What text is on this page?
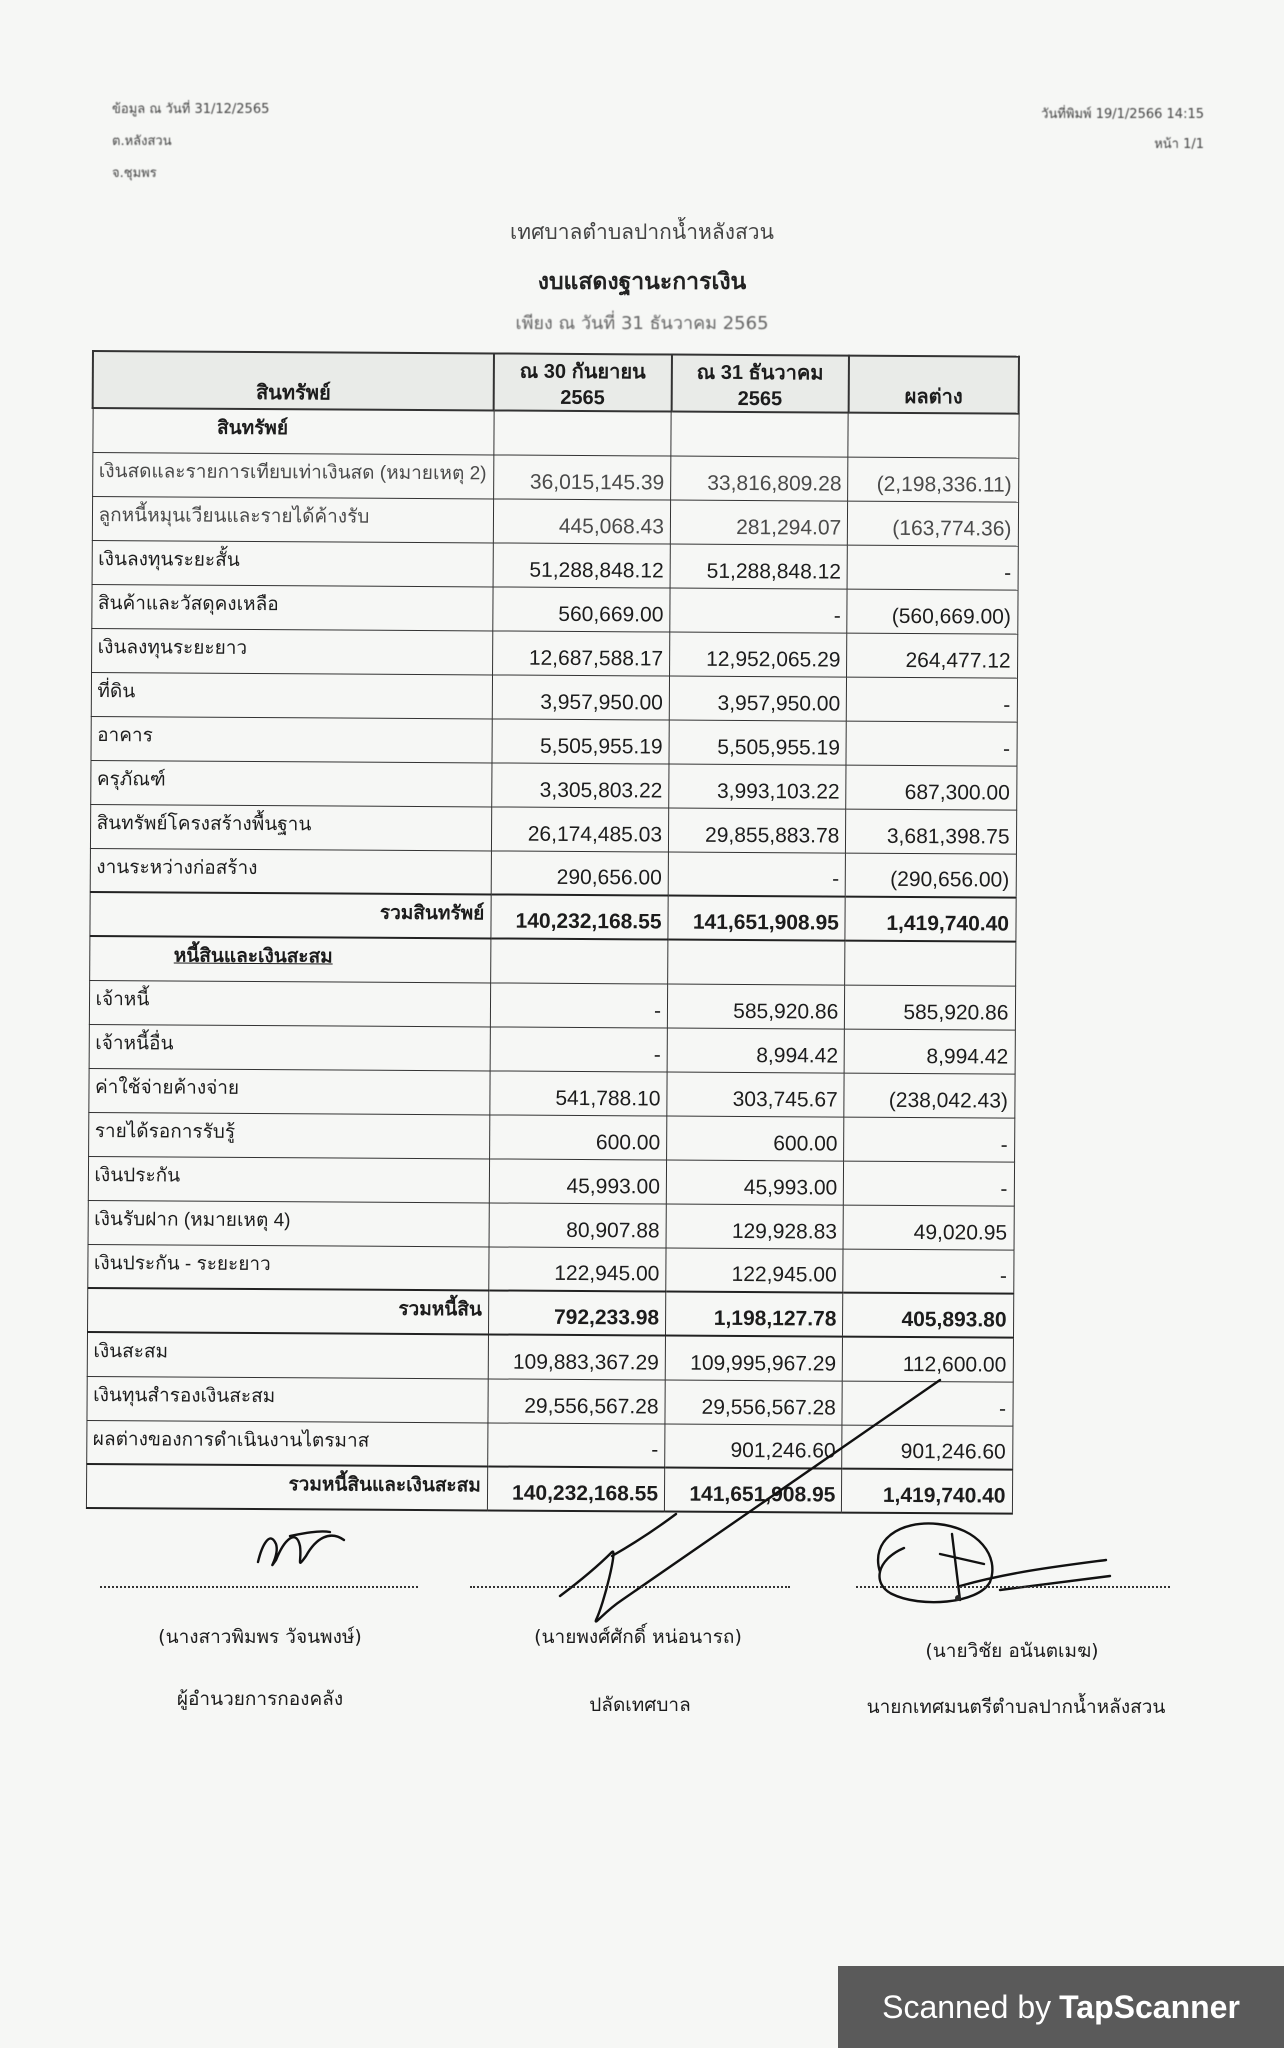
ข้อมูล ณ วันที่ 31/12/2565
ต.หลังสวน
จ.ชุมพร
วันที่พิมพ์ 19/1/2566 14:15
หน้า 1/1
เทศบาลตำบลปากน้ำหลังสวน
งบแสดงฐานะการเงิน
เพียง ณ วันที่ 31 ธันวาคม 2565
สินทรัพย์	ณ 30 กันยายน 2565	ณ 31 ธันวาคม 2565	ผลต่าง
สินทรัพย์			
เงินสดและรายการเทียบเท่าเงินสด (หมายเหตุ 2)	36,015,145.39	33,816,809.28	(2,198,336.11)
ลูกหนี้หมุนเวียนและรายได้ค้างรับ	445,068.43	281,294.07	(163,774.36)
เงินลงทุนระยะสั้น	51,288,848.12	51,288,848.12	-
สินค้าและวัสดุคงเหลือ	560,669.00	-	(560,669.00)
เงินลงทุนระยะยาว	12,687,588.17	12,952,065.29	264,477.12
ที่ดิน	3,957,950.00	3,957,950.00	-
อาคาร	5,505,955.19	5,505,955.19	-
ครุภัณฑ์	3,305,803.22	3,993,103.22	687,300.00
สินทรัพย์โครงสร้างพื้นฐาน	26,174,485.03	29,855,883.78	3,681,398.75
งานระหว่างก่อสร้าง	290,656.00	-	(290,656.00)
รวมสินทรัพย์	140,232,168.55	141,651,908.95	1,419,740.40
หนี้สินและเงินสะสม			
เจ้าหนี้	-	585,920.86	585,920.86
เจ้าหนี้อื่น	-	8,994.42	8,994.42
ค่าใช้จ่ายค้างจ่าย	541,788.10	303,745.67	(238,042.43)
รายได้รอการรับรู้	600.00	600.00	-
เงินประกัน	45,993.00	45,993.00	-
เงินรับฝาก (หมายเหตุ 4)	80,907.88	129,928.83	49,020.95
เงินประกัน - ระยะยาว	122,945.00	122,945.00	-
รวมหนี้สิน	792,233.98	1,198,127.78	405,893.80
เงินสะสม	109,883,367.29	109,995,967.29	112,600.00
เงินทุนสำรองเงินสะสม	29,556,567.28	29,556,567.28	-
ผลต่างของการดำเนินงานไตรมาส	-	901,246.60	901,246.60
รวมหนี้สินและเงินสะสม	140,232,168.55	141,651,908.95	1,419,740.40
(นางสาวพิมพร วัจนพงษ์)	(นายพงศ์ศักดิ์ หน่อนารถ)
(นายวิชัย อนันตเมฆ)
ผู้อำนวยการกองคลัง	ปลัดเทศบาล	นายกเทศมนตรีตำบลปากน้ำหลังสวน
Scanned by TapScanner
